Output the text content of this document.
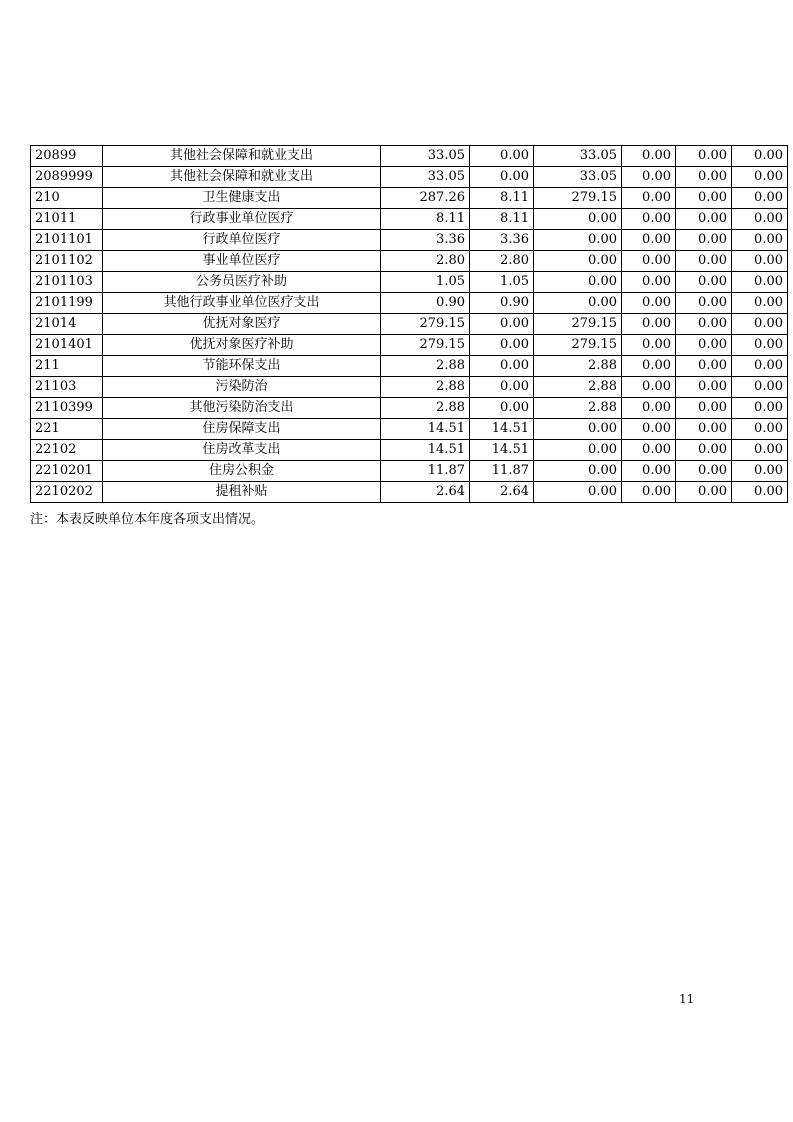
20899	其他社会保障和就业支出	33.05	0.00	33.05	0.00	0.00	0.00
2089999	其他社会保障和就业支出	33.05	0.00	33.05	0.00	0.00	0.00
210	卫生健康支出	287.26	8.11	279.15	0.00	0.00	0.00
21011	行政事业单位医疗	8.11	8.11	0.00	0.00	0.00	0.00
2101101	行政单位医疗	3.36	3.36	0.00	0.00	0.00	0.00
2101102	事业单位医疗	2.80	2.80	0.00	0.00	0.00	0.00
2101103	公务员医疗补助	1.05	1.05	0.00	0.00	0.00	0.00
2101199	其他行政事业单位医疗支出	0.90	0.90	0.00	0.00	0.00	0.00
21014	优抚对象医疗	279.15	0.00	279.15	0.00	0.00	0.00
2101401	优抚对象医疗补助	279.15	0.00	279.15	0.00	0.00	0.00
211	节能环保支出	2.88	0.00	2.88	0.00	0.00	0.00
21103	污染防治	2.88	0.00	2.88	0.00	0.00	0.00
2110399	其他污染防治支出	2.88	0.00	2.88	0.00	0.00	0.00
221	住房保障支出	14.51	14.51	0.00	0.00	0.00	0.00
22102	住房改革支出	14.51	14.51	0.00	0.00	0.00	0.00
2210201	住房公积金	11.87	11.87	0.00	0.00	0.00	0.00
2210202	提租补贴	2.64	2.64	0.00	0.00	0.00	0.00
注：本表反映单位本年度各项支出情况。
11
